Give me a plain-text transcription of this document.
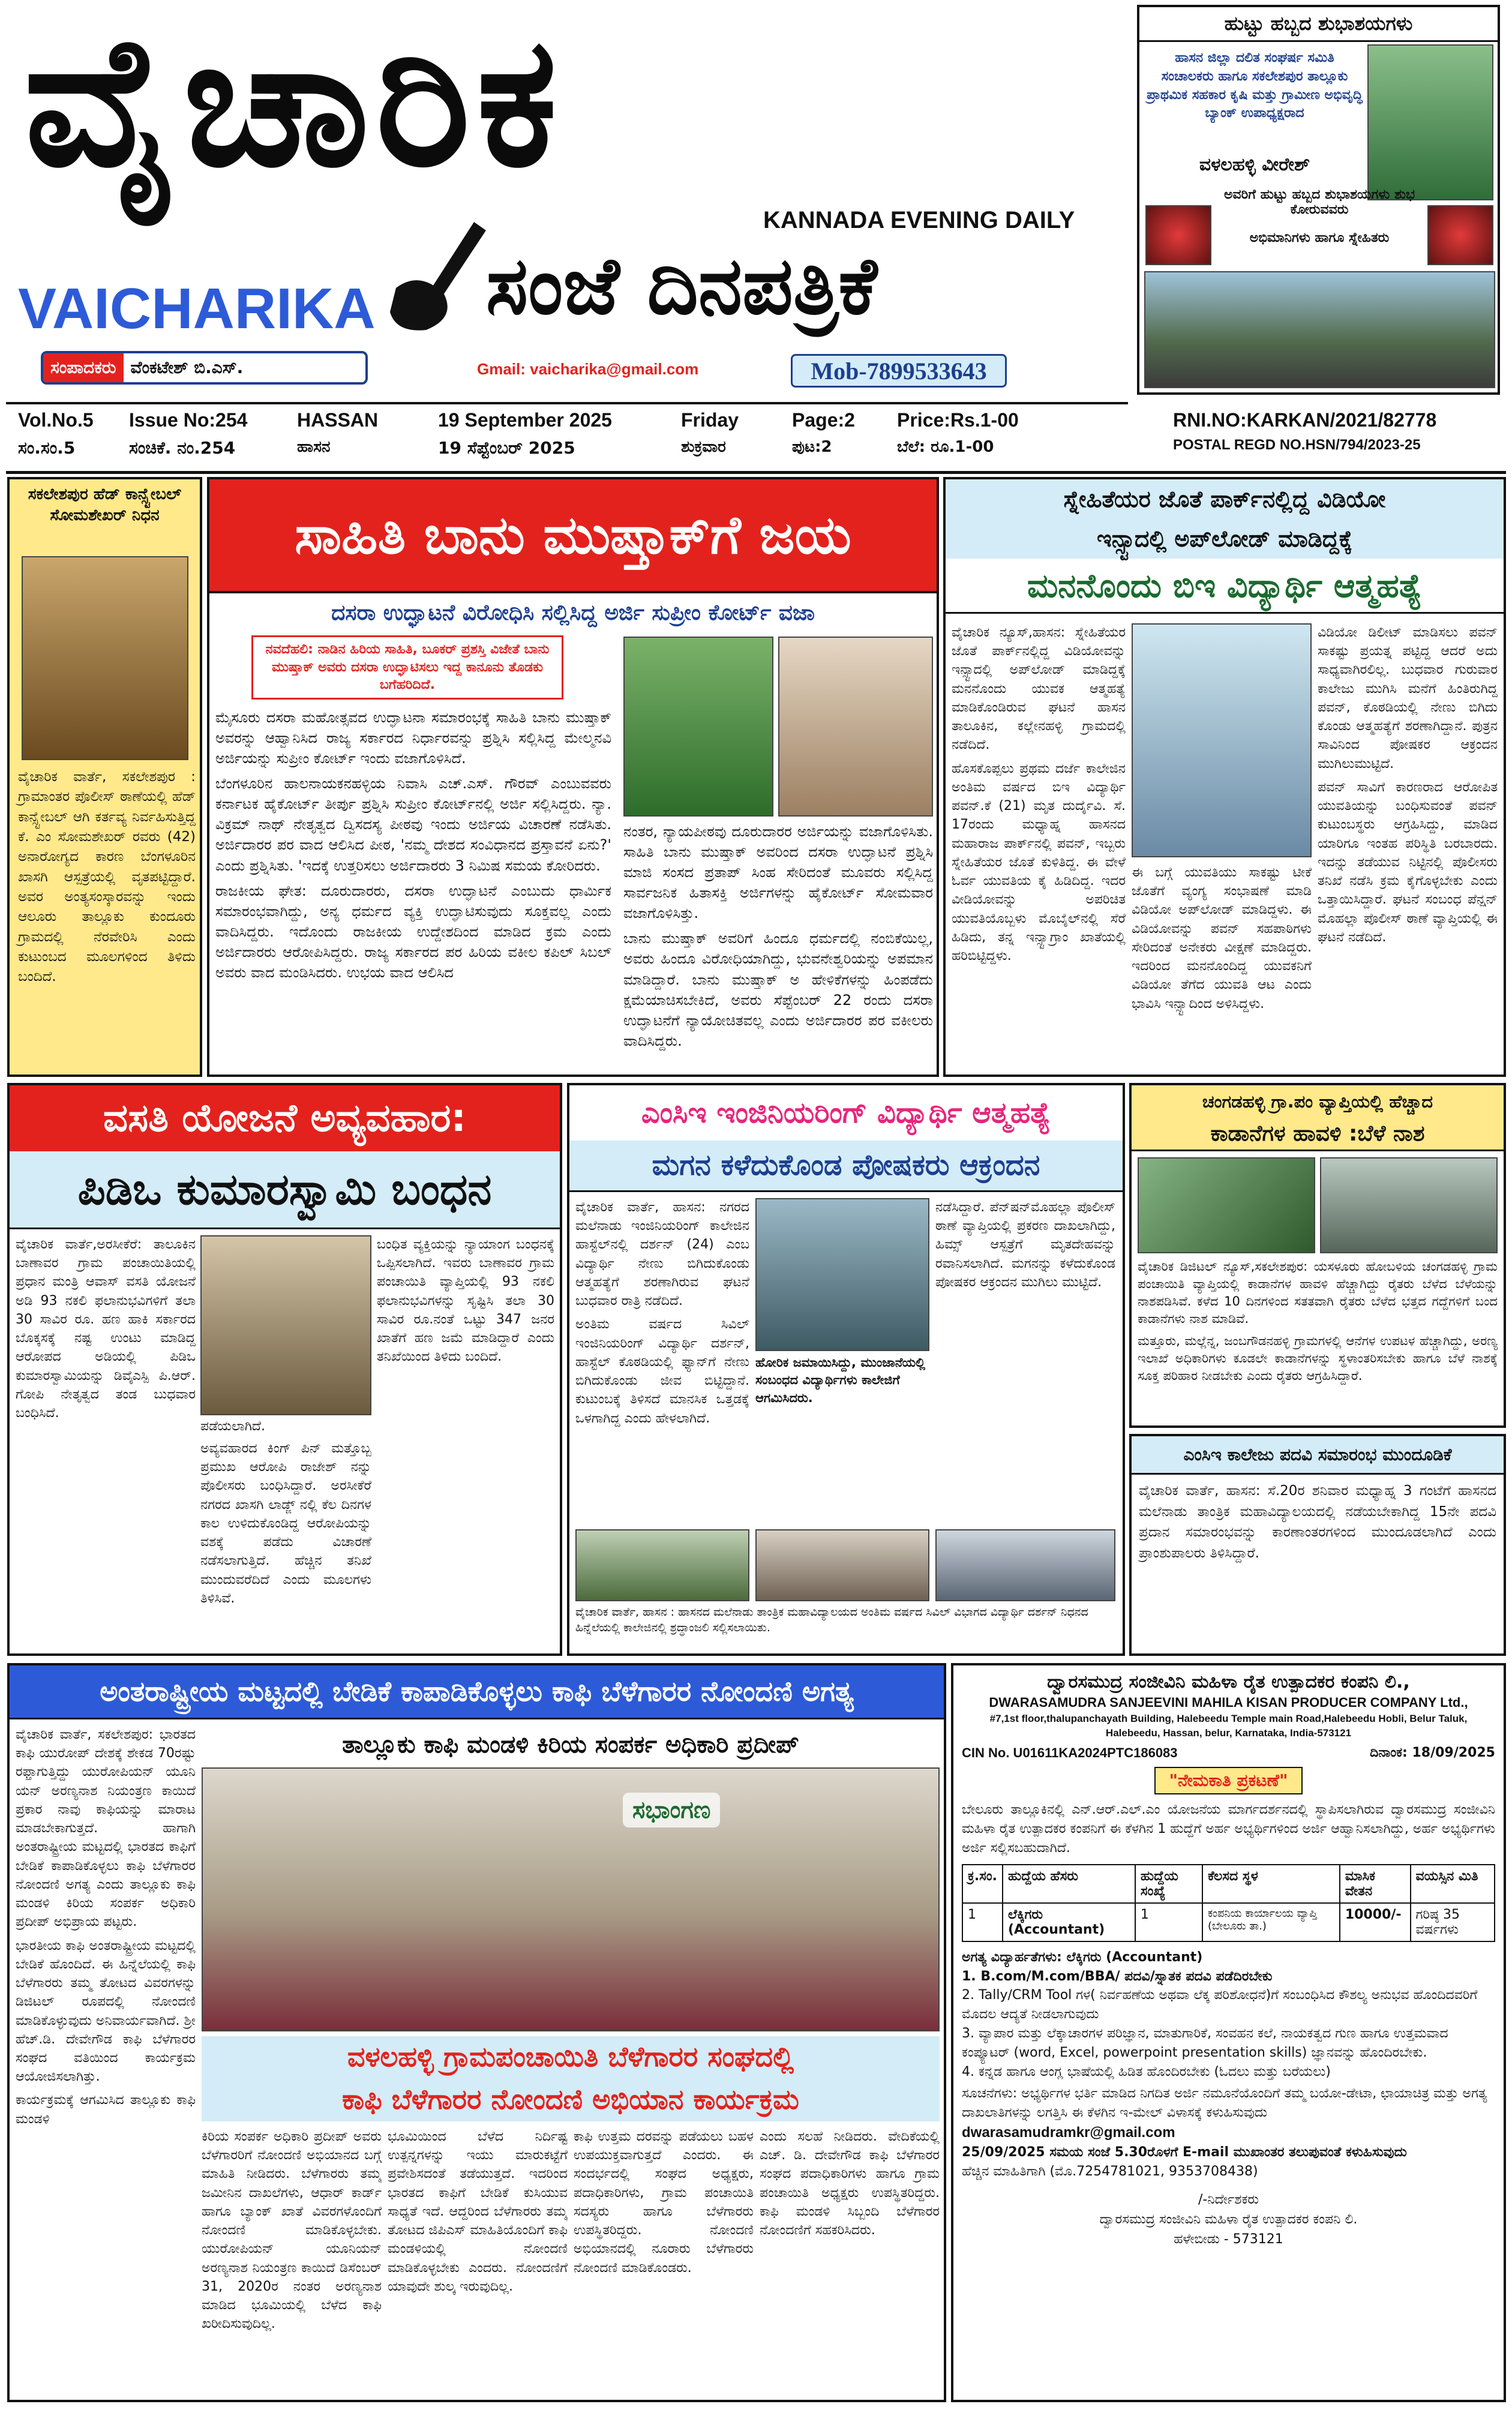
ವೈಚಾರಿಕ
KANNADA EVENING DAILY
VAICHARIKA ಸಂಜೆ ದಿನಪತ್ರಿಕೆ
ಸಂಪಾದಕರು ವೆಂಕಟೇಶ್ ಬಿ.ಎಸ್.	Gmail: vaicharika@gmail.com	Mob-7899533643
ಹುಟ್ಟು ಹಬ್ಬದ ಶುಭಾಶಯಗಳು
ಹಾಸನ ಜಿಲ್ಲಾ ದಲಿತ ಸಂಘರ್ಷ ಸಮಿತಿ ಸಂಚಾಲಕರು ಹಾಗೂ ಸಕಲೇಶಪುರ ತಾಲ್ಲೂಕು ಪ್ರಾಥಮಿಕ ಸಹಕಾರ ಕೃಷಿ ಮತ್ತು ಗ್ರಾಮೀಣ ಅಭಿವೃದ್ಧಿ ಬ್ಯಾಂಕ್ ಉಪಾಧ್ಯಕ್ಷರಾದ
ವಳಲಹಳ್ಳಿ ವೀರೇಶ್
ಅವರಿಗೆ ಹುಟ್ಟು ಹಬ್ಬದ ಶುಭಾಶಯಗಳು ಶುಭ ಕೋರುವವರು
ಅಭಿಮಾನಿಗಳು ಹಾಗೂ ಸ್ನೇಹಿತರು
Vol.No.5 Issue No:254	HASSAN	19 September 2025	Friday	Page:2 Price:Rs.1-00	RNI.NO:KARKAN/2021/82778
ಸಂ.ಸಂ.5	ಸಂಚಿಕೆ. ನಂ.254	ಹಾಸನ	19 ಸೆಪ್ಟೆಂಬರ್ 2025	ಶುಕ್ರವಾರ	ಪುಟ:2	ಬೆಲೆ: ರೂ.1-00	POSTAL REGD NO.HSN/794/2023-25
ಸಕಲೇಶಪುರ ಹೆಡ್ ಕಾನ್ಸ್ಟೇಬಲ್ ಸೋಮಶೇಖರ್ ನಿಧನ
ವೈಚಾರಿಕ ವಾರ್ತೆ, ಸಕಲೇಶಪುರ : ಗ್ರಾಮಾಂತರ ಪೊಲೀಸ್ ಠಾಣೆಯಲ್ಲಿ ಹೆಡ್ ಕಾನ್ಸ್ಟೇಬಲ್ ಆಗಿ ಕರ್ತವ್ಯ ನಿರ್ವಹಿಸುತ್ತಿದ್ದ ಕೆ. ಎಂ ಸೋಮಶೇಖರ್ ರವರು (42) ಅನಾರೋಗ್ಯದ ಕಾರಣ ಬೆಂಗಳೂರಿನ ಖಾಸಗಿ ಆಸ್ಪತ್ರೆಯಲ್ಲಿ ವೃತಪಟ್ಟಿದ್ದಾರೆ. ಅವರ ಅಂತ್ಯಸಂಸ್ಕಾರವನ್ನು ಇಂದು ಆಲೂರು ತಾಲ್ಲೂಕು ಕುಂದೂರು ಗ್ರಾಮದಲ್ಲಿ ನೆರವೇರಿಸಿ ಎಂದು ಕುಟುಂಬದ ಮೂಲಗಳಿಂದ ತಿಳಿದು ಬಂದಿದೆ.
ಸಾಹಿತಿ ಬಾನು ಮುಷ್ತಾಕ್‌ಗೆ ಜಯ
ದಸರಾ ಉದ್ಘಾಟನೆ ವಿರೋಧಿಸಿ ಸಲ್ಲಿಸಿದ್ದ ಅರ್ಜಿ ಸುಪ್ರೀಂ ಕೋರ್ಟ್ ವಜಾ
ನವದೆಹಲಿ: ನಾಡಿನ ಹಿರಿಯ ಸಾಹಿತಿ, ಬೂಕರ್ ಪ್ರಶಸ್ತಿ ವಿಜೇತೆ ಬಾನು ಮುಷ್ತಾಕ್ ಅವರು ದಸರಾ ಉದ್ಘಾಟಿಸಲು ಇದ್ದ ಕಾನೂನು ತೊಡಕು ಬಗೆಹರಿದಿದೆ.

ಮೈಸೂರು ದಸರಾ ಮಹೋತ್ಸವದ ಉದ್ಘಾಟನಾ ಸಮಾರಂಭಕ್ಕೆ ಸಾಹಿತಿ ಬಾನು ಮುಷ್ತಾಕ್ ಅವರನ್ನು ಆಹ್ವಾನಿಸಿದ ರಾಜ್ಯ ಸರ್ಕಾರದ ನಿರ್ಧಾರವನ್ನು ಪ್ರಶ್ನಿಸಿ ಸಲ್ಲಿಸಿದ್ದ ಮೇಲ್ಮನವಿ ಅರ್ಜಿಯನ್ನು ಸುಪ್ರೀಂ ಕೋರ್ಟ್ ಇಂದು ವಜಾಗೊಳಿಸಿದೆ.

ಬೆಂಗಳೂರಿನ ಹಾಲನಾಯಕನಹಳ್ಳಿಯ ನಿವಾಸಿ ಎಚ್.ಎಸ್. ಗೌರವ್ ಎಂಬುವವರು ಕರ್ನಾಟಕ ಹೈಕೋರ್ಟ್ ತೀರ್ಪು ಪ್ರಶ್ನಿಸಿ ಸುಪ್ರೀಂ ಕೋರ್ಟ್‌ನಲ್ಲಿ ಅರ್ಜಿ ಸಲ್ಲಿಸಿದ್ದರು. ನ್ಯಾ. ವಿಕ್ರಮ್ ನಾಥ್ ನೇತೃತ್ವದ ದ್ವಿಸದಸ್ಯ ಪೀಠವು ಇಂದು ಅರ್ಜಿಯ ವಿಚಾರಣೆ ನಡೆಸಿತು. ಅರ್ಜಿದಾರರ ಪರ ವಾದ ಆಲಿಸಿದ ಪೀಠ, 'ನಮ್ಮ ದೇಶದ ಸಂವಿಧಾನದ ಪ್ರಸ್ತಾವನೆ ಏನು?' ಎಂದು ಪ್ರಶ್ನಿಸಿತು. 'ಇದಕ್ಕೆ ಉತ್ತರಿಸಲು ಅರ್ಜಿದಾರರು 3 ನಿಮಿಷ ಸಮಯ ಕೋರಿದರು.

ರಾಜಕೀಯ ಘೇತ: ದೂರುದಾರರು, ದಸರಾ ಉದ್ಘಾಟನೆ ಎಂಬುದು ಧಾರ್ಮಿಕ ಸಮಾರಂಭವಾಗಿದ್ದು, ಅನ್ಯ ಧರ್ಮದ ವ್ಯಕ್ತಿ ಉದ್ಘಾಟಿಸುವುದು ಸೂಕ್ತವಲ್ಲ ಎಂದು ವಾದಿಸಿದ್ದರು. ಇದೊಂದು ರಾಜಕೀಯ ಉದ್ದೇಶದಿಂದ ಮಾಡಿದ ಕ್ರಮ ಎಂದು ಅರ್ಜಿದಾರರು ಆರೋಪಿಸಿದ್ದರು. ರಾಜ್ಯ ಸರ್ಕಾರದ ಪರ ಹಿರಿಯ ವಕೀಲ ಕಪಿಲ್ ಸಿಬಲ್ ಅವರು ವಾದ ಮಂಡಿಸಿದರು. ಉಭಯ ವಾದ ಆಲಿಸಿದ

ನಂತರ, ನ್ಯಾಯಪೀಠವು ದೂರುದಾರರ ಅರ್ಜಿಯನ್ನು ವಜಾಗೊಳಿಸಿತು. ಸಾಹಿತಿ ಬಾನು ಮುಷ್ತಾಕ್ ಅವರಿಂದ ದಸರಾ ಉದ್ಘಾಟನೆ ಪ್ರಶ್ನಿಸಿ ಮಾಜಿ ಸಂಸದ ಪ್ರತಾಪ್ ಸಿಂಹ ಸೇರಿದಂತೆ ಮೂವರು ಸಲ್ಲಿಸಿದ್ದ ಸಾರ್ವಜನಿಕ ಹಿತಾಸಕ್ತಿ ಅರ್ಜಿಗಳನ್ನು ಹೈಕೋರ್ಟ್ ಸೋಮವಾರ ವಜಾಗೊಳಿಸಿತ್ತು.

ಬಾನು ಮುಷ್ತಾಕ್ ಅವರಿಗೆ ಹಿಂದೂ ಧರ್ಮದಲ್ಲಿ ನಂಬಿಕೆಯಿಲ್ಲ, ಅವರು ಹಿಂದೂ ವಿರೋಧಿಯಾಗಿದ್ದು, ಭುವನೇಶ್ವರಿಯನ್ನು ಅಪಮಾನ ಮಾಡಿದ್ದಾರೆ. ಬಾನು ಮುಷ್ತಾಕ್ ಅ ಹೇಳಿಕೆಗಳನ್ನು ಹಿಂಪಡೆದು ಕ್ಷಮೆಯಾಚಿಸಬೇಕಿದೆ, ಅವರು ಸೆಪ್ಟೆಂಬರ್ 22 ರಂದು ದಸರಾ ಉದ್ಘಾಟನೆಗೆ ನ್ಯಾಯೋಚಿತವಲ್ಲ ಎಂದು ಅರ್ಜಿದಾರರ ಪರ ವಕೀಲರು ವಾದಿಸಿದ್ದರು.

ಸ್ನೇಹಿತೆಯರ ಜೊತೆ ಪಾರ್ಕ್‌ನಲ್ಲಿದ್ದ ವಿಡಿಯೋ
ಇನ್ಸ್ಟಾದಲ್ಲಿ ಅಪ್‌ಲೋಡ್ ಮಾಡಿದ್ದಕ್ಕೆ
ಮನನೊಂದು ಬಿಇ ವಿದ್ಯಾರ್ಥಿ ಆತ್ಮಹತ್ಯೆ

ವೈಚಾರಿಕ ನ್ಯೂಸ್,ಹಾಸನ: ಸ್ನೇಹಿತೆಯರ ಜೊತೆ ಪಾರ್ಕ್‌ನಲ್ಲಿದ್ದ ವಿಡಿಯೋವನ್ನು ಇನ್ಸ್ಟಾದಲ್ಲಿ ಅಪ್‌ಲೋಡ್ ಮಾಡಿದ್ದಕ್ಕೆ ಮನನೊಂದು ಯುವಕ ಆತ್ಮಹತ್ಯೆ ಮಾಡಿಕೊಂಡಿರುವ ಘಟನೆ ಹಾಸನ ತಾಲೂಕಿನ, ಕಲ್ಲೇನಹಳ್ಳಿ ಗ್ರಾಮದಲ್ಲಿ ನಡೆದಿದೆ.

ಹೊಸಕೊಪ್ಪಲು ಪ್ರಥಮ ದರ್ಜೆ ಕಾಲೇಜಿನ ಅಂತಿಮ ವರ್ಷದ ಬಿಇ ವಿದ್ಯಾರ್ಥಿ ಪವನ್.ಕೆ (21) ಮೃತ ದುರ್ದೈವಿ. ಸೆ. 17ರಂದು ಮಧ್ಯಾಹ್ನ ಹಾಸನದ ಮಹಾರಾಜ ಪಾರ್ಕ್‌ನಲ್ಲಿ ಪವನ್, ಇಬ್ಬರು ಸ್ನೇಹಿತೆಯರ ಜೊತೆ ಕುಳಿತಿದ್ದ. ಈ ವೇಳೆ ಓರ್ವ ಯುವತಿಯ ಕೈ ಹಿಡಿದಿದ್ದ. ಇದರ ವೀಡಿಯೋವನ್ನು ಅಪರಿಚಿತ ಯುವತಿಯೊಬ್ಬಳು ಮೊಬೈಲ್‌ನಲ್ಲಿ ಸೆರೆ ಹಿಡಿದು, ತನ್ನ ಇನ್ಸ್ಟಾಗ್ರಾಂ ಖಾತೆಯಲ್ಲಿ ಹರಿಬಿಟ್ಟಿದ್ದಳು.

ಈ ಬಗ್ಗೆ ಯುವತಿಯು ಸಾಕಷ್ಟು ಟೀಕೆ ಜೊತೆಗೆ ವ್ಯಂಗ್ಯ ಸಂಭಾಷಣೆ ಮಾಡಿ ವಿಡಿಯೋ ಅಪ್‌ಲೋಡ್ ಮಾಡಿದ್ದಳು. ಈ ವಿಡಿಯೋವನ್ನು ಪವನ್ ಸಹಪಾಠಿಗಳು ಸೇರಿದಂತೆ ಅನೇಕರು ವೀಕ್ಷಣೆ ಮಾಡಿದ್ದರು. ಇದರಿಂದ ಮನನೊಂದಿದ್ದ ಯುವಕನಿಗೆ ವಿಡಿಯೋ ತೆಗೆದ ಯುವತಿ ಆಟ ಎಂದು ಭಾವಿಸಿ ಇನ್ಸ್ಟಾದಿಂದ ಅಳಿಸಿದ್ದಳು.

ವಿಡಿಯೋ ಡಿಲೀಟ್ ಮಾಡಿಸಲು ಪವನ್ ಸಾಕಷ್ಟು ಪ್ರಯತ್ನ ಪಟ್ಟಿದ್ದ ಆದರೆ ಅದು ಸಾಧ್ಯವಾಗಿರಲಿಲ್ಲ. ಬುಧವಾರ ಗುರುವಾರ ಕಾಲೇಜು ಮುಗಿಸಿ ಮನೆಗೆ ಹಿಂತಿರುಗಿದ್ದ ಪವನ್, ಕೊಠಡಿಯಲ್ಲಿ ನೇಣು ಬಿಗಿದು ಕೊಂಡು ಆತ್ಮಹತ್ಯೆಗೆ ಶರಣಾಗಿದ್ದಾನೆ. ಪುತ್ರನ ಸಾವಿನಿಂದ ಪೋಷಕರ ಆಕ್ರಂದನ ಮುಗಿಲುಮುಟ್ಟಿದೆ.

ಪವನ್ ಸಾವಿಗೆ ಕಾರಣರಾದ ಆರೋಪಿತ ಯುವತಿಯನ್ನು ಬಂಧಿಸುವಂತೆ ಪವನ್ ಕುಟುಂಬಸ್ಥರು ಆಗ್ರಹಿಸಿದ್ದು, ಮಾಡಿದ ಯಾರಿಗೂ ಇಂತಹ ಪರಿಸ್ಥಿತಿ ಬರಬಾರದು. ಇದನ್ನು ತಡೆಯುವ ನಿಟ್ಟಿನಲ್ಲಿ ಪೊಲೀಸರು ತನಿಖೆ ನಡೆಸಿ ಕ್ರಮ ಕೈಗೊಳ್ಳಬೇಕು ಎಂದು ಒತ್ತಾಯಿಸಿದ್ದಾರೆ. ಘಟನೆ ಸಂಬಂಧ ಪೆನ್ಷನ್ ಮೊಹಲ್ಲಾ ಪೊಲೀಸ್ ಠಾಣೆ ವ್ಯಾಪ್ತಿಯಲ್ಲಿ ಈ ಘಟನೆ ನಡೆದಿದೆ.

ವಸತಿ ಯೋಜನೆ ಅವ್ಯವಹಾರ:
ಪಿಡಿಒ ಕುಮಾರಸ್ವಾಮಿ ಬಂಧನ

ವೈಚಾರಿಕ ವಾರ್ತೆ,ಅರಸೀಕೆರೆ: ತಾಲೂಕಿನ ಬಾಣಾವರ ಗ್ರಾಮ ಪಂಚಾಯಿತಿಯಲ್ಲಿ ಪ್ರಧಾನ ಮಂತ್ರಿ ಆವಾಸ್ ವಸತಿ ಯೋಜನೆ ಅಡಿ 93 ನಕಲಿ ಫಲಾನುಭವಿಗಳಿಗೆ ತಲಾ 30 ಸಾವಿರ ರೂ. ಹಣ ಹಾಕಿ ಸರ್ಕಾರದ ಬೊಕ್ಕಸಕ್ಕೆ ನಷ್ಟ ಉಂಟು ಮಾಡಿದ್ದ ಆರೋಪದ ಅಡಿಯಲ್ಲಿ ಪಿಡಿಒ ಕುಮಾರಸ್ವಾಮಿಯನ್ನು ಡಿವೈಎಸ್ಪಿ ಪಿ.ಆರ್. ಗೋಪಿ ನೇತೃತ್ವದ ತಂಡ ಬುಧವಾರ ಬಂಧಿಸಿದೆ.

ಪಡೆಯಲಾಗಿದೆ.

ಅವ್ಯವಹಾರದ ಕಿಂಗ್ ಪಿನ್ ಮತ್ತೊಬ್ಬ ಪ್ರಮುಖ ಆರೋಪಿ ರಾಜೇಶ್ ನನ್ನು ಪೊಲೀಸರು ಬಂಧಿಸಿದ್ದಾರೆ. ಅರಸೀಕೆರೆ ನಗರದ ಖಾಸಗಿ ಲಾಡ್ಜ್ ನಲ್ಲಿ ಕೆಲ ದಿನಗಳ ಕಾಲ ಉಳಿದುಕೊಂಡಿದ್ದ ಆರೋಪಿಯನ್ನು ವಶಕ್ಕೆ ಪಡೆದು ವಿಚಾರಣೆ ನಡೆಸಲಾಗುತ್ತಿದೆ. ಹೆಚ್ಚಿನ ತನಿಖೆ ಮುಂದುವರೆದಿದೆ ಎಂದು ಮೂಲಗಳು ತಿಳಿಸಿವೆ.

ಬಂಧಿತ ವ್ಯಕ್ತಿಯನ್ನು ನ್ಯಾಯಾಂಗ ಬಂಧನಕ್ಕೆ ಒಪ್ಪಿಸಲಾಗಿದೆ. ಇವರು ಬಾಣಾವರ ಗ್ರಾಮ ಪಂಚಾಯಿತಿ ವ್ಯಾಪ್ತಿಯಲ್ಲಿ 93 ನಕಲಿ ಫಲಾನುಭವಿಗಳನ್ನು ಸೃಷ್ಟಿಸಿ ತಲಾ 30 ಸಾವಿರ ರೂ.ನಂತೆ ಒಟ್ಟು 347 ಜನರ ಖಾತೆಗೆ ಹಣ ಜಮೆ ಮಾಡಿದ್ದಾರೆ ಎಂದು ತನಿಖೆಯಿಂದ ತಿಳಿದು ಬಂದಿದೆ.

ಎಂಸಿಇ ಇಂಜಿನಿಯರಿಂಗ್ ವಿದ್ಯಾರ್ಥಿ ಆತ್ಮಹತ್ಯೆ
ಮಗನ ಕಳೆದುಕೊಂಡ ಪೋಷಕರು ಆಕ್ರಂದನ

ವೈಚಾರಿಕ ವಾರ್ತೆ, ಹಾಸನ: ನಗರದ ಮಲೆನಾಡು ಇಂಜಿನಿಯರಿಂಗ್ ಕಾಲೇಜಿನ ಹಾಸ್ಟೆಲ್‌ನಲ್ಲಿ ದರ್ಶನ್ (24) ಎಂಬ ವಿದ್ಯಾರ್ಥಿ ನೇಣು ಬಿಗಿದುಕೊಂಡು ಆತ್ಮಹತ್ಯೆಗೆ ಶರಣಾಗಿರುವ ಘಟನೆ ಬುಧವಾರ ರಾತ್ರಿ ನಡೆದಿದೆ.

ಅಂತಿಮ ವರ್ಷದ ಸಿವಿಲ್ ಇಂಜಿನಿಯರಿಂಗ್ ವಿದ್ಯಾರ್ಥಿ ದರ್ಶನ್, ಹಾಸ್ಟೆಲ್ ಕೊಠಡಿಯಲ್ಲಿ ಫ್ಯಾನ್‌ಗೆ ನೇಣು ಬಿಗಿದುಕೊಂಡು ಜೀವ ಬಿಟ್ಟಿದ್ದಾನೆ. ಕುಟುಂಬಕ್ಕೆ ತಿಳಿಸದೆ ಮಾನಸಿಕ ಒತ್ತಡಕ್ಕೆ ಒಳಗಾಗಿದ್ದ ಎಂದು ಹೇಳಲಾಗಿದೆ.

ಹೋರಿಕ ಜಮಾಯಿಸಿದ್ದು, ಮುಂಜಾನೆಯಲ್ಲಿ ಸಂಬಂಧದ ವಿದ್ಯಾರ್ಥಿಗಳು ಕಾಲೇಜಿಗೆ ಆಗಮಿಸಿದರು.

ನಡೆಸಿದ್ದಾರೆ. ಪೆನ್‌ಷನ್‌ಮೊಹಲ್ಲಾ ಪೊಲೀಸ್ ಠಾಣೆ ವ್ಯಾಪ್ತಿಯಲ್ಲಿ ಪ್ರಕರಣ ದಾಖಲಾಗಿದ್ದು, ಹಿಮ್ಸ್ ಆಸ್ಪತ್ರೆಗೆ ಮೃತದೇಹವನ್ನು ರವಾನಿಸಲಾಗಿದೆ. ಮಗನನ್ನು ಕಳೆದುಕೊಂಡ ಪೋಷಕರ ಆಕ್ರಂದನ ಮುಗಿಲು ಮುಟ್ಟಿದೆ.

ವೈಚಾರಿಕ ವಾರ್ತೆ, ಹಾಸನ : ಹಾಸನದ ಮಲೆನಾಡು ತಾಂತ್ರಿಕ ಮಹಾವಿದ್ಯಾಲಯದ ಅಂತಿಮ ವರ್ಷದ ಸಿವಿಲ್ ವಿಭಾಗದ ವಿದ್ಯಾರ್ಥಿ ದರ್ಶನ್ ನಿಧನದ ಹಿನ್ನೆಲೆಯಲ್ಲಿ ಕಾಲೇಜಿನಲ್ಲಿ ಶ್ರದ್ಧಾಂಜಲಿ ಸಲ್ಲಿಸಲಾಯಿತು.
ಚಂಗಡಹಳ್ಳಿ ಗ್ರಾ.ಪಂ ವ್ಯಾಪ್ತಿಯಲ್ಲಿ ಹೆಚ್ಚಾದ
ಕಾಡಾನೆಗಳ ಹಾವಳಿ :ಬೆಳೆ ನಾಶ

ವೈಚಾರಿಕ ಡಿಜಿಟಲ್ ನ್ಯೂಸ್,ಸಕಲೇಶಪುರ: ಯಸಳೂರು ಹೋಬಳಿಯ ಚಂಗಡಹಳ್ಳಿ ಗ್ರಾಮ ಪಂಚಾಯಿತಿ ವ್ಯಾಪ್ತಿಯಲ್ಲಿ ಕಾಡಾನೆಗಳ ಹಾವಳಿ ಹೆಚ್ಚಾಗಿದ್ದು ರೈತರು ಬೆಳೆದ ಬೆಳೆಯನ್ನು ನಾಶಪಡಿಸಿವೆ. ಕಳೆದ 10 ದಿನಗಳಿಂದ ಸತತವಾಗಿ ರೈತರು ಬೆಳೆದ ಭತ್ತದ ಗದ್ದೆಗಳಿಗೆ ಬಂದ ಕಾಡಾನೆಗಳು ನಾಶ ಮಾಡಿವೆ.

ಮತ್ತೂರು, ಮಲ್ಲೆನ್ನ, ಜಂಬಗೌಡನಹಳ್ಳಿ ಗ್ರಾಮಗಳಲ್ಲಿ ಆನೆಗಳ ಉಪಟಳ ಹೆಚ್ಚಾಗಿದ್ದು, ಅರಣ್ಯ ಇಲಾಖೆ ಅಧಿಕಾರಿಗಳು ಕೂಡಲೇ ಕಾಡಾನೆಗಳನ್ನು ಸ್ಥಳಾಂತರಿಸಬೇಕು ಹಾಗೂ ಬೆಳೆ ನಾಶಕ್ಕೆ ಸೂಕ್ತ ಪರಿಹಾರ ನೀಡಬೇಕು ಎಂದು ರೈತರು ಆಗ್ರಹಿಸಿದ್ದಾರೆ.

ಎಂಸಿಇ ಕಾಲೇಜು ಪದವಿ ಸಮಾರಂಭ ಮುಂದೂಡಿಕೆ
ವೈಚಾರಿಕ ವಾರ್ತೆ, ಹಾಸನ: ಸೆ.20ರ ಶನಿವಾರ ಮಧ್ಯಾಹ್ನ 3 ಗಂಟೆಗೆ ಹಾಸನದ ಮಲೆನಾಡು ತಾಂತ್ರಿಕ ಮಹಾವಿದ್ಯಾಲಯದಲ್ಲಿ ನಡೆಯಬೇಕಾಗಿದ್ದ 15ನೇ ಪದವಿ ಪ್ರದಾನ ಸಮಾರಂಭವನ್ನು ಕಾರಣಾಂತರಗಳಿಂದ ಮುಂದೂಡಲಾಗಿದೆ ಎಂದು ಪ್ರಾಂಶುಪಾಲರು ತಿಳಿಸಿದ್ದಾರೆ.
ಅಂತರಾಷ್ಟ್ರೀಯ ಮಟ್ಟದಲ್ಲಿ ಬೇಡಿಕೆ ಕಾಪಾಡಿಕೊಳ್ಳಲು ಕಾಫಿ ಬೆಳೆಗಾರರ ನೋಂದಣಿ ಅಗತ್ಯ

ವೈಚಾರಿಕ ವಾರ್ತೆ, ಸಕಲೇಶಪುರ: ಭಾರತದ ಕಾಫಿ ಯುರೋಪ್ ದೇಶಕ್ಕೆ ಶೇಕಡ 70ರಷ್ಟು ರಫ್ತಾಗುತ್ತಿದ್ದು ಯುರೋಪಿಯನ್ ಯೂನಿ ಯನ್ ಅರಣ್ಯನಾಶ ನಿಯಂತ್ರಣ ಕಾಯಿದೆ ಪ್ರಕಾರ ನಾವು ಕಾಫಿಯನ್ನು ಮಾರಾಟ ಮಾಡಬೇಕಾಗುತ್ತದೆ. ಹಾಗಾಗಿ ಅಂತರಾಷ್ಟ್ರೀಯ ಮಟ್ಟದಲ್ಲಿ ಭಾರತದ ಕಾಫಿಗೆ ಬೇಡಿಕೆ ಕಾಪಾಡಿಕೊಳ್ಳಲು ಕಾಫಿ ಬೆಳೆಗಾರರ ನೋಂದಣಿ ಅಗತ್ಯ ಎಂದು ತಾಲ್ಲೂಕು ಕಾಫಿ ಮಂಡಳಿ ಕಿರಿಯ ಸಂಪರ್ಕ ಅಧಿಕಾರಿ ಪ್ರದೀಪ್ ಅಭಿಪ್ರಾಯ ಪಟ್ಟರು.

ಭಾರತೀಯ ಕಾಫಿ ಅಂತರಾಷ್ಟ್ರೀಯ ಮಟ್ಟದಲ್ಲಿ ಬೇಡಿಕೆ ಹೊಂದಿದೆ. ಈ ಹಿನ್ನೆಲೆಯಲ್ಲಿ ಕಾಫಿ ಬೆಳೆಗಾರರು ತಮ್ಮ ತೋಟದ ವಿವರಗಳನ್ನು ಡಿಜಿಟಲ್ ರೂಪದಲ್ಲಿ ನೋಂದಣಿ ಮಾಡಿಕೊಳ್ಳುವುದು ಅನಿವಾರ್ಯವಾಗಿದೆ. ಶ್ರೀ ಹೆಚ್.ಡಿ. ದೇವೇಗೌಡ ಕಾಫಿ ಬೆಳೆಗಾರರ ಸಂಘದ ವತಿಯಿಂದ ಕಾರ್ಯಕ್ರಮ ಆಯೋಜಿಸಲಾಗಿತ್ತು.

ಕಾರ್ಯಕ್ರಮಕ್ಕೆ ಆಗಮಿಸಿದ ತಾಲ್ಲೂಕು ಕಾಫಿ ಮಂಡಳಿ

ತಾಲ್ಲೂಕು ಕಾಫಿ ಮಂಡಳಿ ಕಿರಿಯ ಸಂಪರ್ಕ ಅಧಿಕಾರಿ ಪ್ರದೀಪ್
ಸಭಾಂಗಣ
ವಳಲಹಳ್ಳಿ ಗ್ರಾಮಪಂಚಾಯಿತಿ ಬೆಳೆಗಾರರ ಸಂಘದಲ್ಲಿ
ಕಾಫಿ ಬೆಳೆಗಾರರ ನೋಂದಣಿ ಅಭಿಯಾನ ಕಾರ್ಯಕ್ರಮ

ಕಿರಿಯ ಸಂಪರ್ಕ ಅಧಿಕಾರಿ ಪ್ರದೀಪ್ ಅವರು ಬೆಳೆಗಾರರಿಗೆ ನೋಂದಣಿ ಅಭಿಯಾನದ ಬಗ್ಗೆ ಮಾಹಿತಿ ನೀಡಿದರು. ಬೆಳೆಗಾರರು ತಮ್ಮ ಜಮೀನಿನ ದಾಖಲೆಗಳು, ಆಧಾರ್ ಕಾರ್ಡ್ ಹಾಗೂ ಬ್ಯಾಂಕ್ ಖಾತೆ ವಿವರಗಳೊಂದಿಗೆ ನೋಂದಣಿ ಮಾಡಿಕೊಳ್ಳಬೇಕು. ಯುರೋಪಿಯನ್ ಯೂನಿಯನ್ ಅರಣ್ಯನಾಶ ನಿಯಂತ್ರಣ ಕಾಯಿದೆ ಡಿಸೆಂಬರ್ 31, 2020ರ ನಂತರ ಅರಣ್ಯನಾಶ ಮಾಡಿದ ಭೂಮಿಯಲ್ಲಿ ಬೆಳೆದ ಕಾಫಿ ಖರೀದಿಸುವುದಿಲ್ಲ.

ಭೂಮಿಯಿಂದ ಬೆಳೆದ ನಿರ್ದಿಷ್ಟ ಉತ್ಪನ್ನಗಳನ್ನು ಇಯು ಮಾರುಕಟ್ಟೆಗೆ ಪ್ರವೇಶಿಸದಂತೆ ತಡೆಯುತ್ತದೆ. ಇದರಿಂದ ಭಾರತದ ಕಾಫಿಗೆ ಬೇಡಿಕೆ ಕುಸಿಯುವ ಸಾಧ್ಯತೆ ಇದೆ. ಆದ್ದರಿಂದ ಬೆಳೆಗಾರರು ತಮ್ಮ ತೋಟದ ಜಿಪಿಎಸ್ ಮಾಹಿತಿಯೊಂದಿಗೆ ಕಾಫಿ ಮಂಡಳಿಯಲ್ಲಿ ನೋಂದಣಿ ಮಾಡಿಕೊಳ್ಳಬೇಕು ಎಂದರು. ನೋಂದಣಿಗೆ ಯಾವುದೇ ಶುಲ್ಕ ಇರುವುದಿಲ್ಲ.

ಕಾಫಿ ಉತ್ತಮ ದರವನ್ನು ಪಡೆಯಲು ಬಹಳ ಉಪಯುಕ್ತವಾಗುತ್ತದೆ ಎಂದರು. ಈ ಸಂದರ್ಭದಲ್ಲಿ ಸಂಘದ ಅಧ್ಯಕ್ಷರು, ಪದಾಧಿಕಾರಿಗಳು, ಗ್ರಾಮ ಪಂಚಾಯಿತಿ ಸದಸ್ಯರು ಹಾಗೂ ಬೆಳೆಗಾರರು ಉಪಸ್ಥಿತರಿದ್ದರು. ನೋಂದಣಿ ಅಭಿಯಾನದಲ್ಲಿ ನೂರಾರು ಬೆಳೆಗಾರರು ನೋಂದಣಿ ಮಾಡಿಕೊಂಡರು.

ಎಂದು ಸಲಹೆ ನೀಡಿದರು. ವೇದಿಕೆಯಲ್ಲಿ ಎಚ್. ಡಿ. ದೇವೇಗೌಡ ಕಾಫಿ ಬೆಳೆಗಾರರ ಸಂಘದ ಪದಾಧಿಕಾರಿಗಳು ಹಾಗೂ ಗ್ರಾಮ ಪಂಚಾಯಿತಿ ಅಧ್ಯಕ್ಷರು ಉಪಸ್ಥಿತರಿದ್ದರು. ಕಾಫಿ ಮಂಡಳಿ ಸಿಬ್ಬಂದಿ ಬೆಳೆಗಾರರ ನೋಂದಣಿಗೆ ಸಹಕರಿಸಿದರು.

ದ್ವಾರಸಮುದ್ರ ಸಂಜೀವಿನಿ ಮಹಿಳಾ ರೈತ ಉತ್ಪಾದಕರ ಕಂಪನಿ ಲಿ.,
DWARASAMUDRA SANJEEVINI MAHILA KISAN PRODUCER COMPANY Ltd.,
#7,1st floor,thalupanchayath Building, Halebeedu Temple main Road,Halebeedu Hobli, Belur Taluk,
Halebeedu, Hassan, belur, Karnataka, India-573121
CIN No. U01611KA2024PTC186083	ದಿನಾಂಕ: 18/09/2025
"ನೇಮಕಾತಿ ಪ್ರಕಟಣೆ"
ಬೇಲೂರು ತಾಲ್ಲೂಕಿನಲ್ಲಿ ಎನ್.ಆರ್.ಎಲ್.ಎಂ ಯೋಜನೆಯ ಮಾರ್ಗದರ್ಶನದಲ್ಲಿ ಸ್ಥಾಪಿಸಲಾಗಿರುವ ದ್ವಾರಸಮುದ್ರ ಸಂಜೀವಿನಿ ಮಹಿಳಾ ರೈತ ಉತ್ಪಾದಕರ ಕಂಪನಿಗೆ ಈ ಕೆಳಗಿನ 1 ಹುದ್ದೆಗೆ ಅರ್ಹ ಅಭ್ಯರ್ಥಿಗಳಿಂದ ಅರ್ಜಿ ಆಹ್ವಾನಿಸಲಾಗಿದ್ದು, ಅರ್ಹ ಅಭ್ಯರ್ಥಿಗಳು ಅರ್ಜಿ ಸಲ್ಲಿಸಬಹುದಾಗಿದೆ.
ಕ್ರ.ಸಂ.	ಹುದ್ದೆಯ ಹೆಸರು	ಹುದ್ದೆಯ ಸಂಖ್ಯೆ	ಕೆಲಸದ ಸ್ಥಳ	ಮಾಸಿಕ ವೇತನ	ವಯಸ್ಸಿನ ಮಿತಿ
1	ಲೆಕ್ಕಿಗರು (Accountant)	1	ಕಂಪನಿಯ ಕಾರ್ಯಾಲಯ ವ್ಯಾಪ್ತಿ (ಬೇಲೂರು ತಾ.)	10000/-	ಗರಿಷ್ಠ 35 ವರ್ಷಗಳು
ಅಗತ್ಯ ವಿದ್ಯಾರ್ಹತೆಗಳು: ಲೆಕ್ಕಿಗರು (Accountant)
1. B.com/M.com/BBA/ ಪದವಿ/ಸ್ನಾತಕ ಪದವಿ ಪಡೆದಿರಬೇಕು
2. Tally/CRM Tool ಗಳ( ನಿರ್ವಹಣೆಯ ಅಥವಾ ಲೆಕ್ಕ ಪರಿಶೋಧನೆ)ಗೆ ಸಂಬಂಧಿಸಿದ ಕೌಶಲ್ಯ ಅನುಭವ ಹೊಂದಿದವರಿಗೆ ಮೊದಲ ಆದ್ಯತೆ ನೀಡಲಾಗುವುದು
3. ವ್ಯಾಪಾರ ಮತ್ತು ಲೆಕ್ಕಾಚಾರಗಳ ಪರಿಜ್ಞಾನ, ಮಾತುಗಾರಿಕೆ, ಸಂವಹನ ಕಲೆ, ನಾಯಕತ್ವದ ಗುಣ ಹಾಗೂ ಉತ್ತಮವಾದ ಕಂಪ್ಯೂಟರ್ (word, Excel, powerpoint presentation skills) ಜ್ಞಾನವನ್ನು ಹೊಂದಿರಬೇಕು.
4. ಕನ್ನಡ ಹಾಗೂ ಆಂಗ್ಲ ಭಾಷೆಯಲ್ಲಿ ಹಿಡಿತ ಹೊಂದಿರಬೇಕು (ಓದಲು ಮತ್ತು ಬರೆಯಲು)
ಸೂಚನೆಗಳು: ಅಭ್ಯರ್ಥಿಗಳ ಭರ್ತಿ ಮಾಡಿದ ನಿಗದಿತ ಅರ್ಜಿ ನಮೂನೆಯೊಂದಿಗೆ ತಮ್ಮ ಬಯೋ-ಡೇಟಾ, ಛಾಯಾಚಿತ್ರ ಮತ್ತು ಅಗತ್ಯ ದಾಖಲಾತಿಗಳನ್ನು ಲಗತ್ತಿಸಿ ಈ ಕೆಳಗಿನ ಇ-ಮೇಲ್ ವಿಳಾಸಕ್ಕೆ ಕಳುಹಿಸುವುದು
dwarasamudramkr@gmail.com
25/09/2025 ಸಮಯ ಸಂಜೆ 5.30ರೊಳಗೆ E-mail ಮುಖಾಂತರ ತಲುಪುವಂತೆ ಕಳುಹಿಸುವುದು
ಹೆಚ್ಚಿನ ಮಾಹಿತಿಗಾಗಿ (ಮೊ.7254781021, 9353708438)
/-ನಿರ್ದೇಶಕರು
ದ್ವಾರಸಮುದ್ರ ಸಂಜೀವಿನಿ ಮಹಿಳಾ ರೈತ ಉತ್ಪಾದಕರ ಕಂಪನಿ ಲಿ.
ಹಳೇಬೀಡು - 573121
